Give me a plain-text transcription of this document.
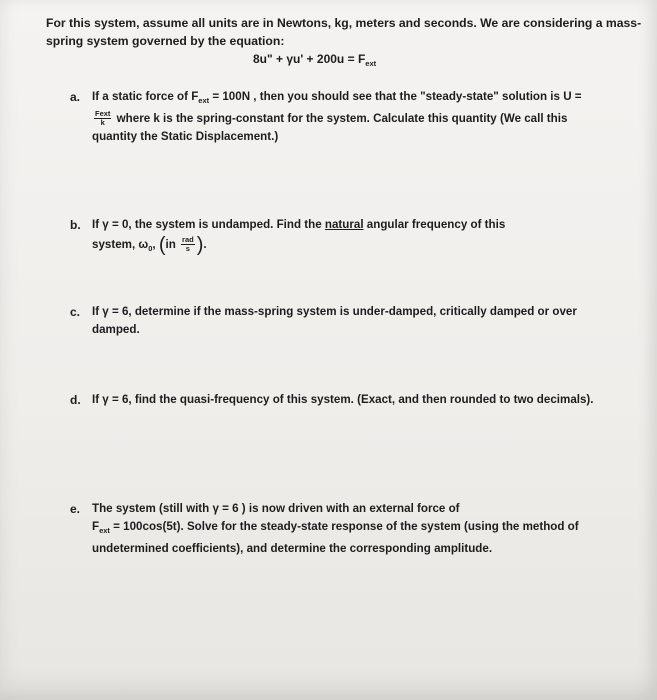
For this system, assume all units are in Newtons, kg, meters and seconds. We are considering a mass-
spring system governed by the equation:
8u" + $\gamma u' + 200u = F_{ext}$
a. If a static force of $F_{ext} = 100N$ , then you should see that the "steady-state" solution is U =
$\frac{\text{Fext}}{k}$ where k is the spring-constant for the system. Calculate this quantity (We call this
quantity the Static Displacement.)
b. If γ = 0, the system is undamped. Find the natural angular frequency of this
system, $\omega_0$, ($in \frac{\text{rad}}{s}$ ).
c. If γ = 6, determine if the mass-spring system is under-damped, critically damped or over
damped.
d. If γ = 6, find the quasi-frequency of this system. (Exact, and then rounded to two decimals).
e. The system (still with γ = 6 ) is now driven with an external force of
$F_{ext} = 100\cos(5t)$. Solve for the steady-state response of the system (using the method of
undetermined coefficients), and determine the corresponding amplitude.
